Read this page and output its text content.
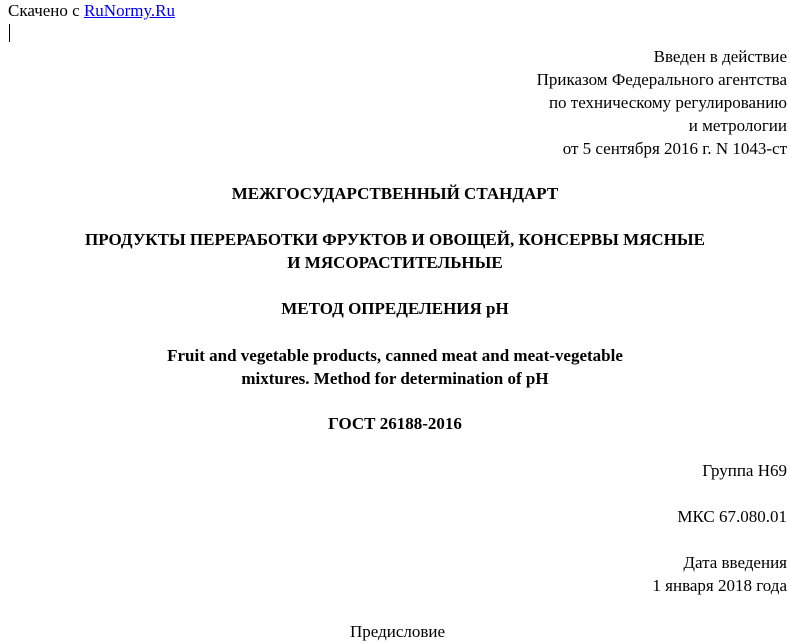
Скачено с RuNormy.Ru
Введен в действие
Приказом Федерального агентства
по техническому регулированию
и метрологии
от 5 сентября 2016 г. N 1043-ст
МЕЖГОСУДАРСТВЕННЫЙ СТАНДАРТ
ПРОДУКТЫ ПЕРЕРАБОТКИ ФРУКТОВ И ОВОЩЕЙ, КОНСЕРВЫ МЯСНЫЕ
И МЯСОРАСТИТЕЛЬНЫЕ
МЕТОД ОПРЕДЕЛЕНИЯ pH
Fruit and vegetable products, canned meat and meat-vegetable
mixtures. Method for determination of pH
ГОСТ 26188-2016
Группа Н69
МКС 67.080.01
Дата введения
1 января 2018 года
Предисловие
